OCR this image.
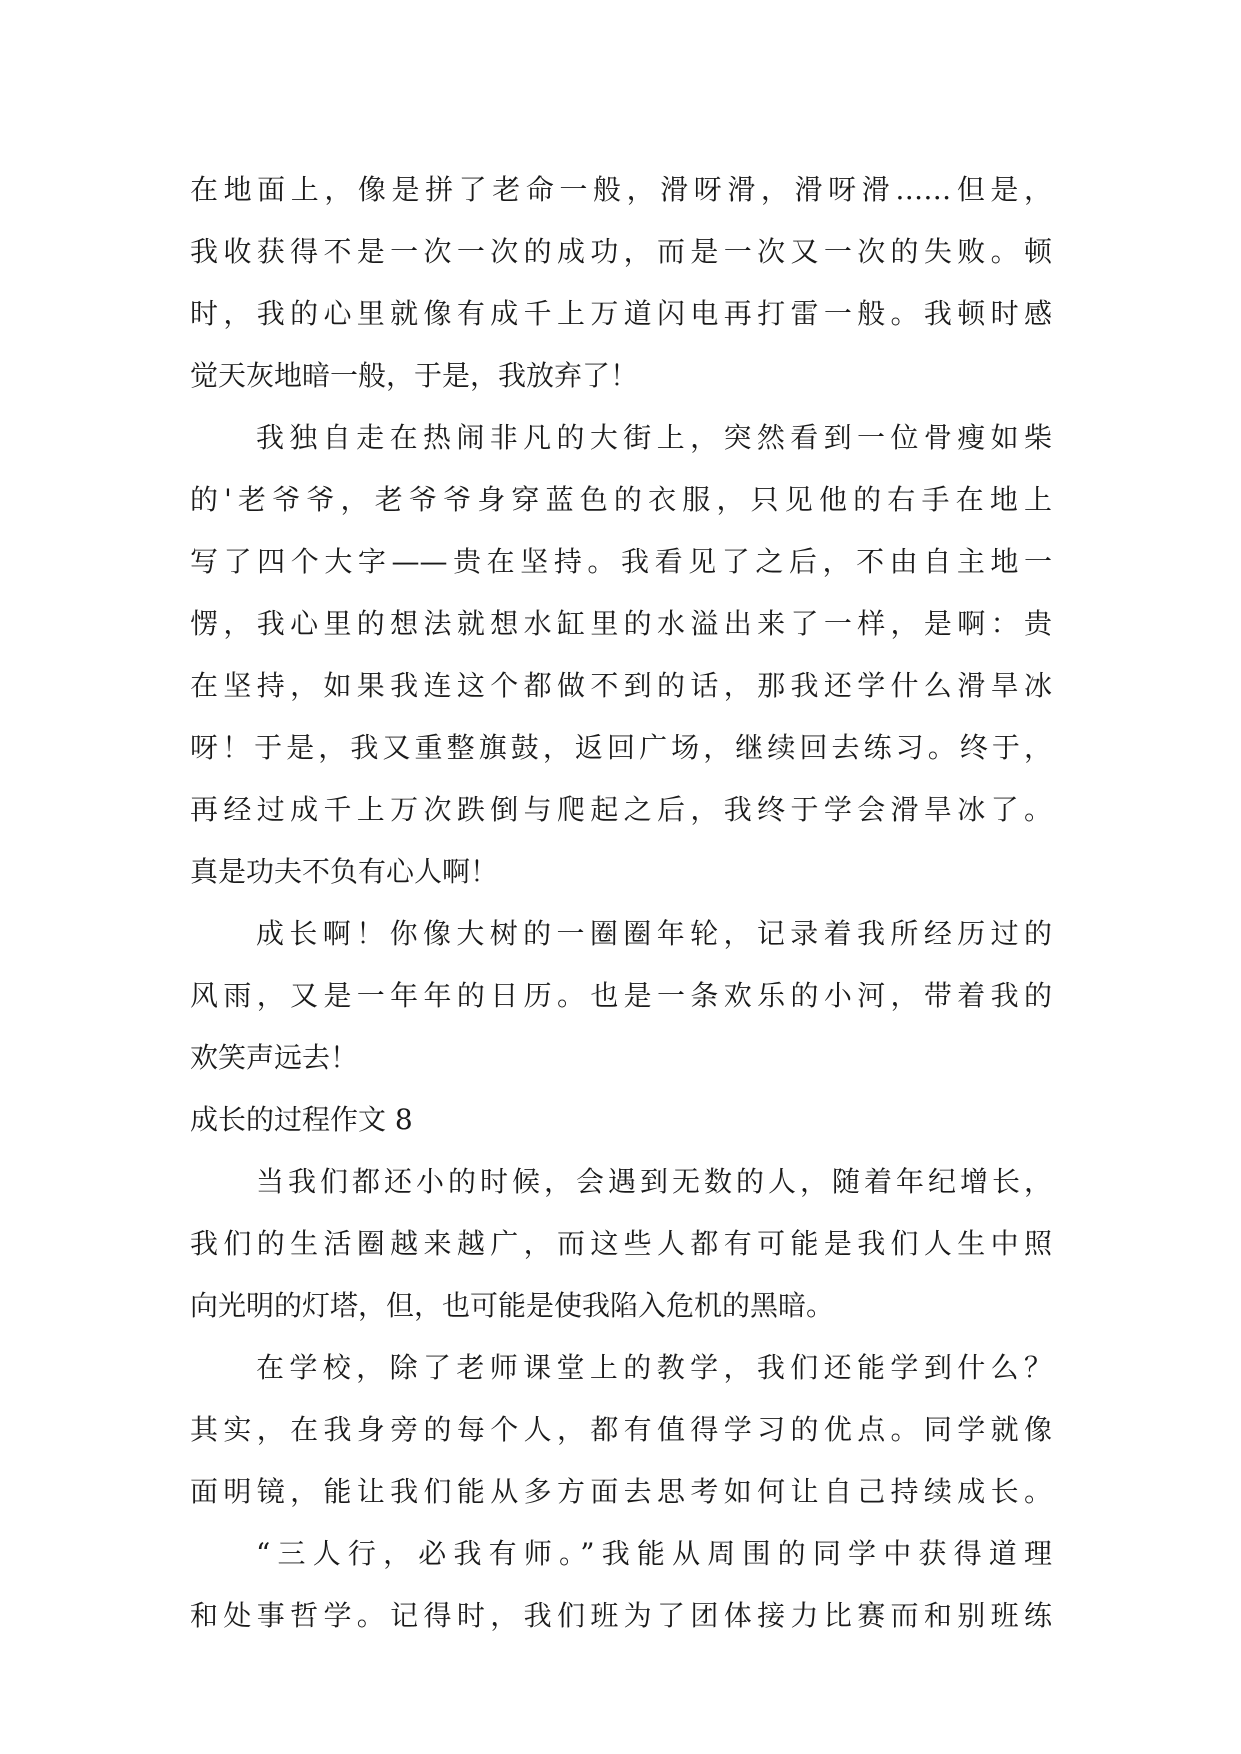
在地面上，像是拼了老命一般，滑呀滑，滑呀滑……但是，
我收获得不是一次一次的成功，而是一次又一次的失败。顿
时，我的心里就像有成千上万道闪电再打雷一般。我顿时感
觉天灰地暗一般，于是，我放弃了！
我独自走在热闹非凡的大街上，突然看到一位骨瘦如柴
的'老爷爷，老爷爷身穿蓝色的衣服，只见他的右手在地上
写了四个大字——贵在坚持。我看见了之后，不由自主地一
愣，我心里的想法就想水缸里的水溢出来了一样，是啊：贵
在坚持，如果我连这个都做不到的话，那我还学什么滑旱冰
呀！于是，我又重整旗鼓，返回广场，继续回去练习。终于，
再经过成千上万次跌倒与爬起之后，我终于学会滑旱冰了。
真是功夫不负有心人啊！
成长啊！你像大树的一圈圈年轮，记录着我所经历过的
风雨，又是一年年的日历。也是一条欢乐的小河，带着我的
欢笑声远去！
成长的过程作文 8
当我们都还小的时候，会遇到无数的人，随着年纪增长，
我们的生活圈越来越广，而这些人都有可能是我们人生中照
向光明的灯塔，但，也可能是使我陷入危机的黑暗。
在学校，除了老师课堂上的教学，我们还能学到什么？
其实，在我身旁的每个人，都有值得学习的优点。同学就像
面明镜，能让我们能从多方面去思考如何让自己持续成长。
“三人行，必我有师。”我能从周围的同学中获得道理
和处事哲学。记得时，我们班为了团体接力比赛而和别班练
